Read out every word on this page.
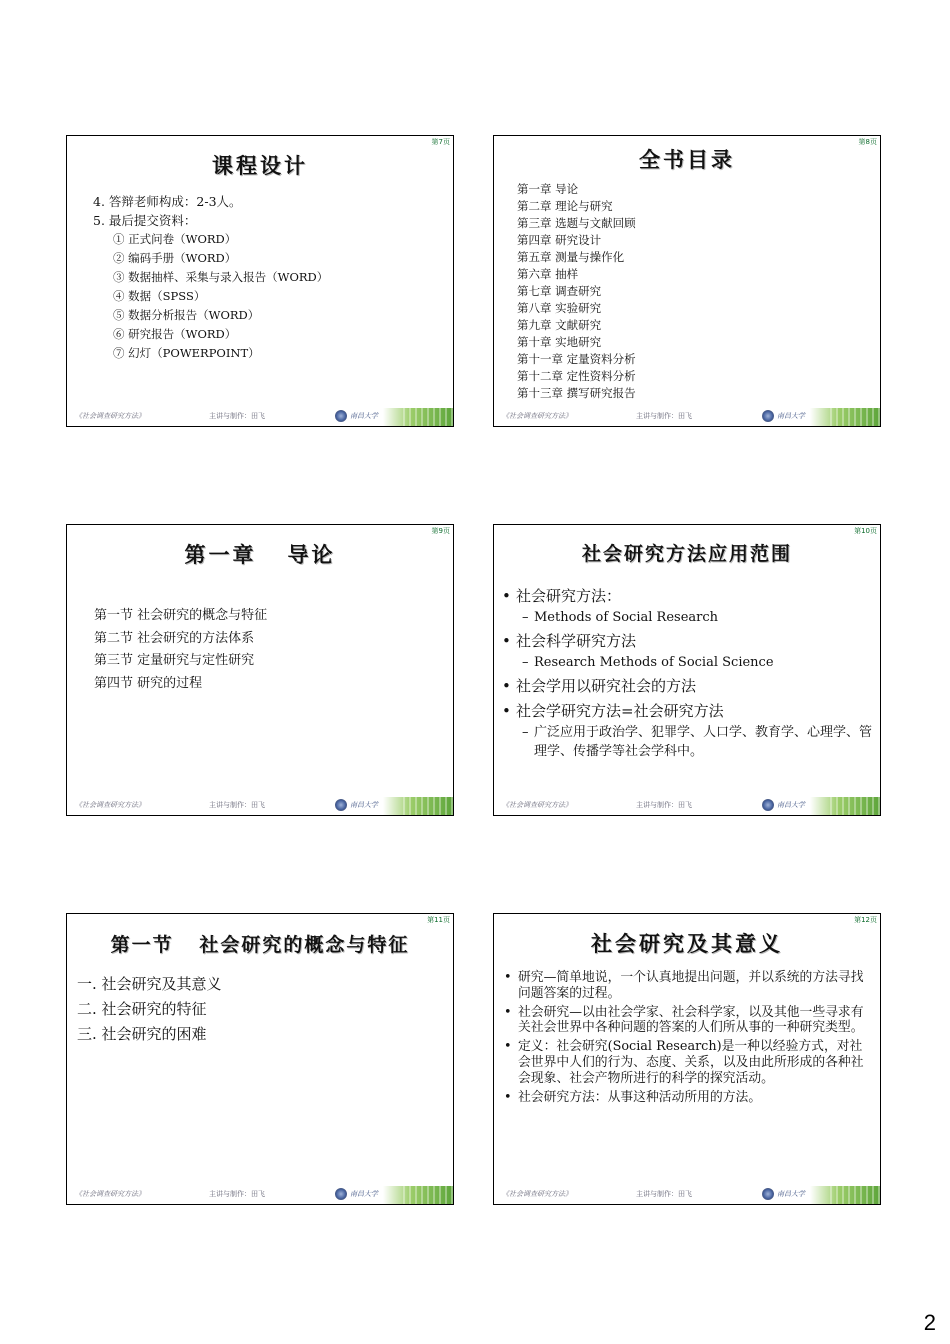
第7页
课程设计
4. 答辩老师构成：2-3人。
5. 最后提交资料：
① 正式问卷（WORD）
② 编码手册（WORD）
③ 数据抽样、采集与录入报告（WORD）
④ 数据（SPSS）
⑤ 数据分析报告（WORD）
⑥ 研究报告（WORD）
⑦ 幻灯（POWERPOINT）
《社会调查研究方法》	主讲与制作：田飞	南昌大学
第8页
全书目录
第一章 导论
第二章 理论与研究
第三章 选题与文献回顾
第四章 研究设计
第五章 测量与操作化
第六章 抽样
第七章 调查研究
第八章 实验研究
第九章 文献研究
第十章 实地研究
第十一章 定量资料分析
第十二章 定性资料分析
第十三章 撰写研究报告
《社会调查研究方法》	主讲与制作：田飞	南昌大学
第9页
第一章   导论
第一节 社会研究的概念与特征
第二节 社会研究的方法体系
第三节 定量研究与定性研究
第四节 研究的过程
《社会调查研究方法》	主讲与制作：田飞	南昌大学
第10页
社会研究方法应用范围
• 社会研究方法：
– Methods of Social Research
• 社会科学研究方法
– Research Methods of Social Science
• 社会学用以研究社会的方法
• 社会学研究方法=社会研究方法
– 广泛应用于政治学、犯罪学、人口学、教育学、心理学、管理学、传播学等社会学科中。
《社会调查研究方法》	主讲与制作：田飞	南昌大学
第11页
第一节   社会研究的概念与特征
一. 社会研究及其意义
二. 社会研究的特征
三. 社会研究的困难
《社会调查研究方法》	主讲与制作：田飞	南昌大学
第12页
社会研究及其意义
• 研究—简单地说，一个认真地提出问题，并以系统的方法寻找问题答案的过程。
• 社会研究—以由社会学家、社会科学家，以及其他一些寻求有关社会世界中各种问题的答案的人们所从事的一种研究类型。
• 定义：社会研究(Social Research)是一种以经验方式，对社会世界中人们的行为、态度、关系，以及由此所形成的各种社会现象、社会产物所进行的科学的探究活动。
• 社会研究方法：从事这种活动所用的方法。
《社会调查研究方法》	主讲与制作：田飞	南昌大学
2
